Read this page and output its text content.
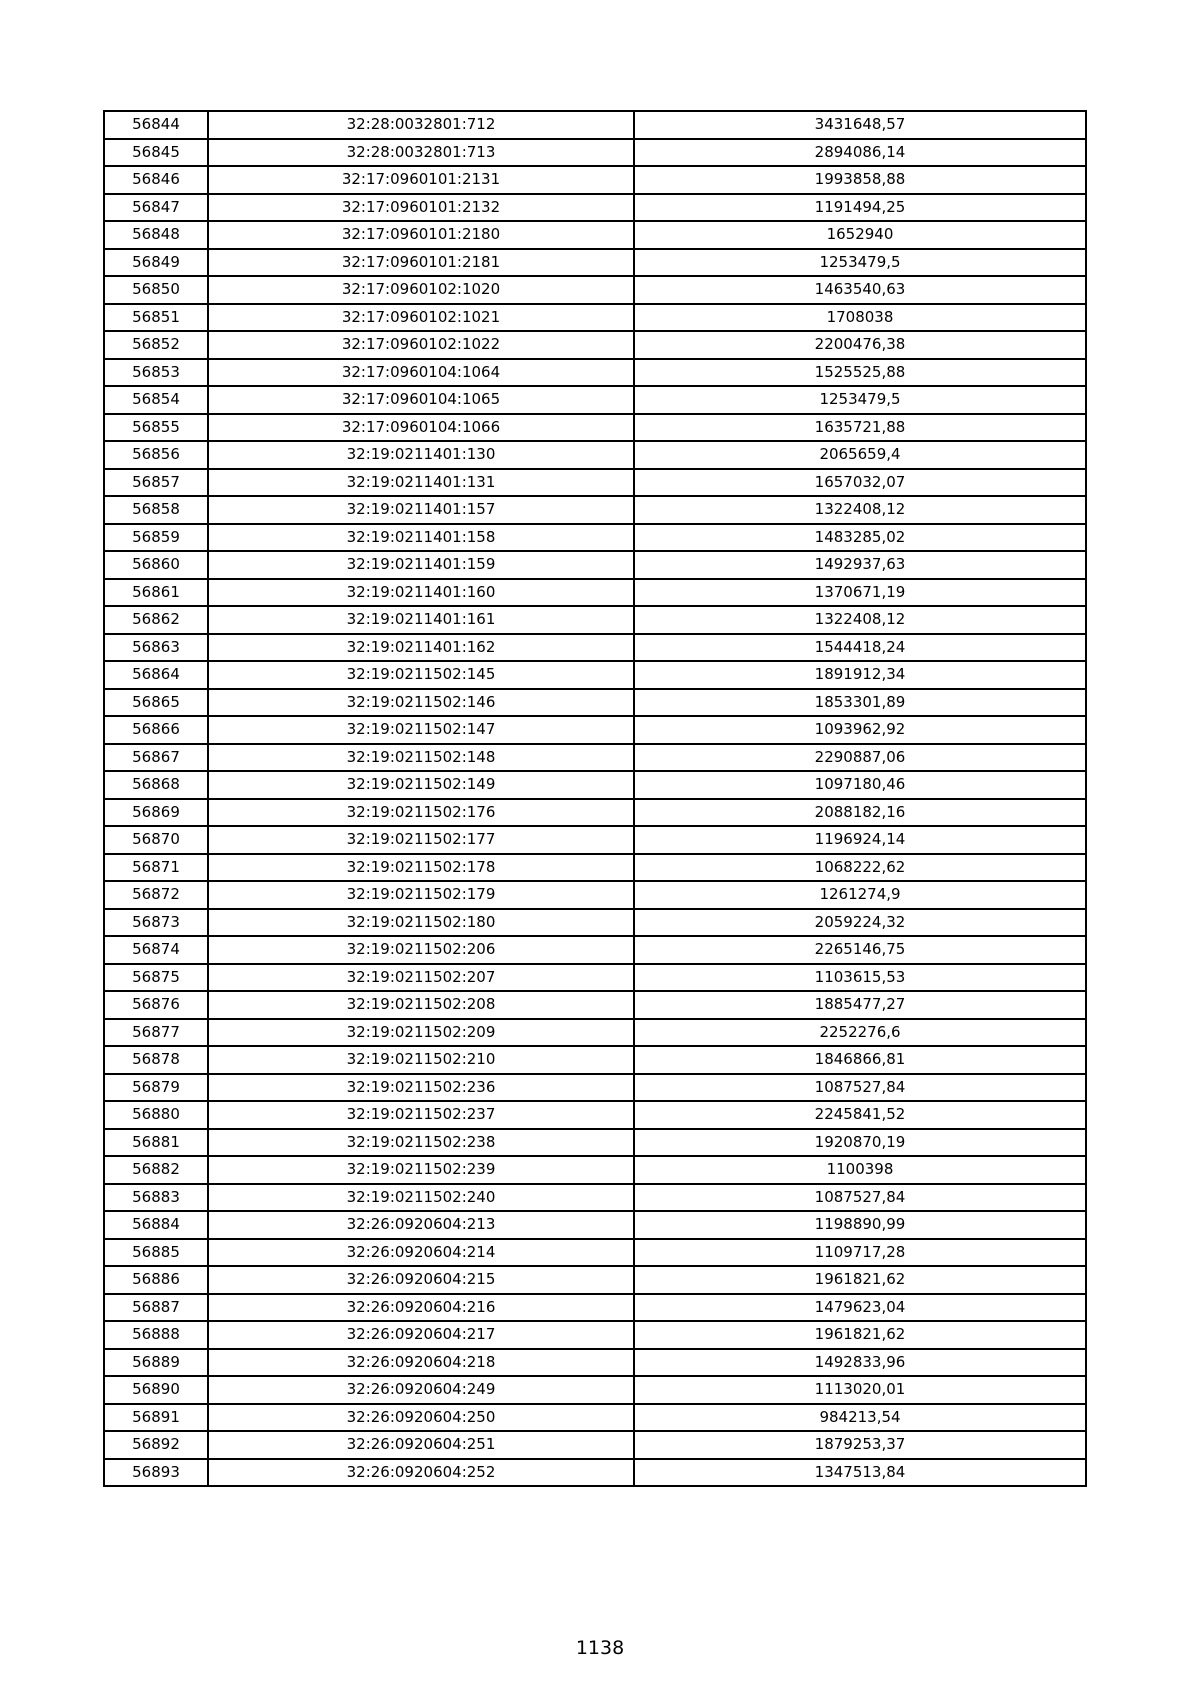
56844	32:28:0032801:712	3431648,57
56845	32:28:0032801:713	2894086,14
56846	32:17:0960101:2131	1993858,88
56847	32:17:0960101:2132	1191494,25
56848	32:17:0960101:2180	1652940
56849	32:17:0960101:2181	1253479,5
56850	32:17:0960102:1020	1463540,63
56851	32:17:0960102:1021	1708038
56852	32:17:0960102:1022	2200476,38
56853	32:17:0960104:1064	1525525,88
56854	32:17:0960104:1065	1253479,5
56855	32:17:0960104:1066	1635721,88
56856	32:19:0211401:130	2065659,4
56857	32:19:0211401:131	1657032,07
56858	32:19:0211401:157	1322408,12
56859	32:19:0211401:158	1483285,02
56860	32:19:0211401:159	1492937,63
56861	32:19:0211401:160	1370671,19
56862	32:19:0211401:161	1322408,12
56863	32:19:0211401:162	1544418,24
56864	32:19:0211502:145	1891912,34
56865	32:19:0211502:146	1853301,89
56866	32:19:0211502:147	1093962,92
56867	32:19:0211502:148	2290887,06
56868	32:19:0211502:149	1097180,46
56869	32:19:0211502:176	2088182,16
56870	32:19:0211502:177	1196924,14
56871	32:19:0211502:178	1068222,62
56872	32:19:0211502:179	1261274,9
56873	32:19:0211502:180	2059224,32
56874	32:19:0211502:206	2265146,75
56875	32:19:0211502:207	1103615,53
56876	32:19:0211502:208	1885477,27
56877	32:19:0211502:209	2252276,6
56878	32:19:0211502:210	1846866,81
56879	32:19:0211502:236	1087527,84
56880	32:19:0211502:237	2245841,52
56881	32:19:0211502:238	1920870,19
56882	32:19:0211502:239	1100398
56883	32:19:0211502:240	1087527,84
56884	32:26:0920604:213	1198890,99
56885	32:26:0920604:214	1109717,28
56886	32:26:0920604:215	1961821,62
56887	32:26:0920604:216	1479623,04
56888	32:26:0920604:217	1961821,62
56889	32:26:0920604:218	1492833,96
56890	32:26:0920604:249	1113020,01
56891	32:26:0920604:250	984213,54
56892	32:26:0920604:251	1879253,37
56893	32:26:0920604:252	1347513,84
1138
